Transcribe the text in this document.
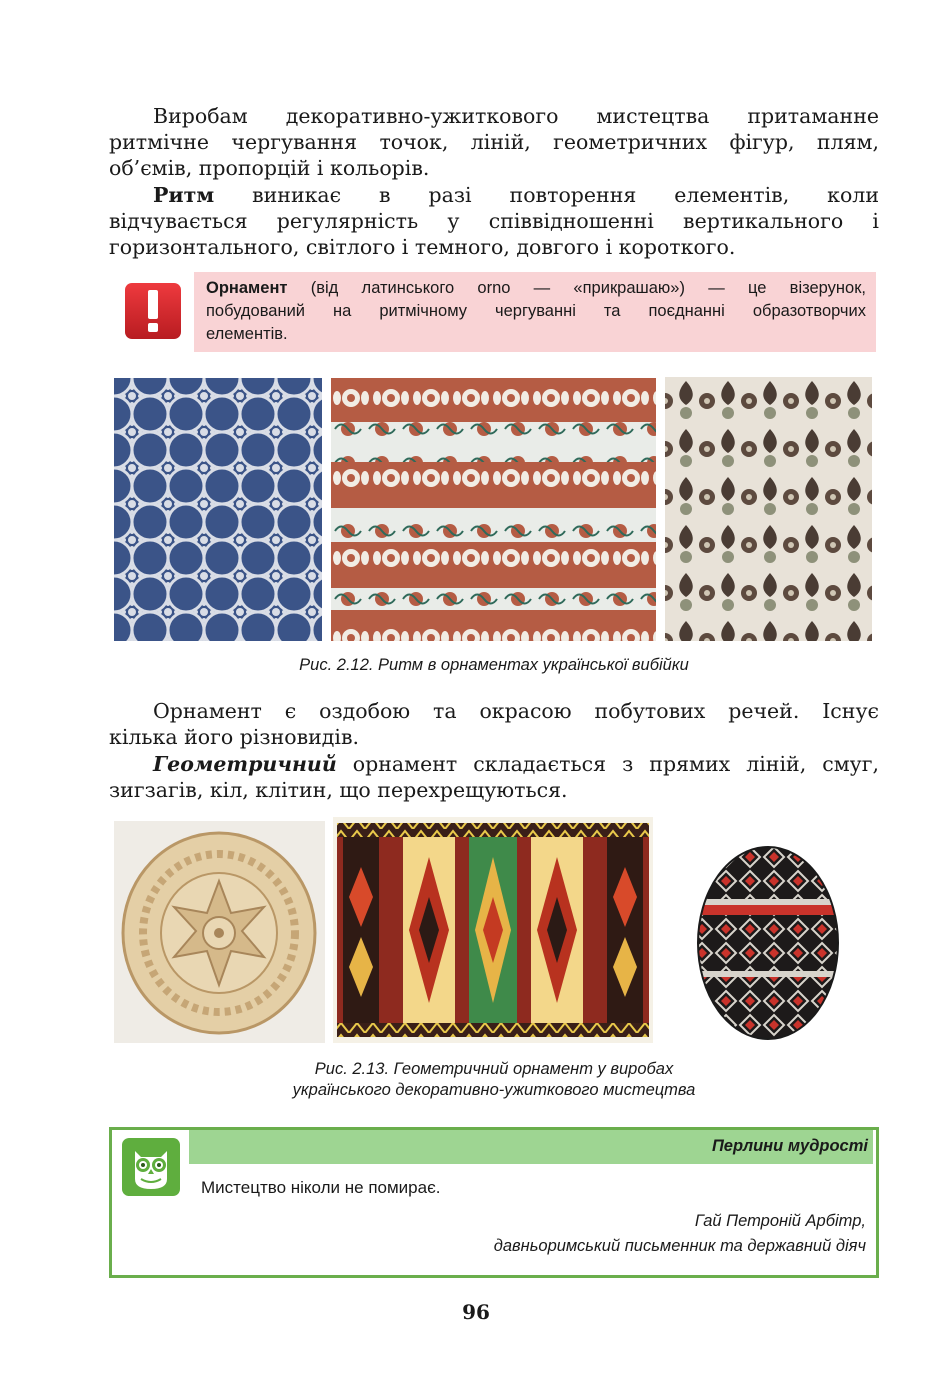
Виробам декоративно-ужиткового мистецтва притаманне
ритмічне чергування точок, ліній, геометричних фігур, плям,
об’ємів, пропорцій і кольорів.
Ритм виникає в разі повторення елементів, коли
відчувається регулярність у співвідношенні вертикального і
горизонтального, світлого і темного, довгого і короткого.
Орнамент (від латинського orno — «прикрашаю») — це візерунок,
побудований на ритмічному чергуванні та поєднанні образотворчих
елементів.
Рис. 2.12. Ритм в орнаментах української вибійки
Орнамент є оздобою та окрасою побутових речей. Існує
кілька його різновидів.
Геометричний орнамент складається з прямих ліній, смуг,
зигзагів, кіл, клітин, що перехрещуються.
Рис. 2.13. Геометричний орнамент у виробах
українського декоративно-ужиткового мистецтва
Перлини мудрості
Мистецтво ніколи не помирає.
Гай Петроній Арбітр,
давньоримський письменник та державний діяч
96
